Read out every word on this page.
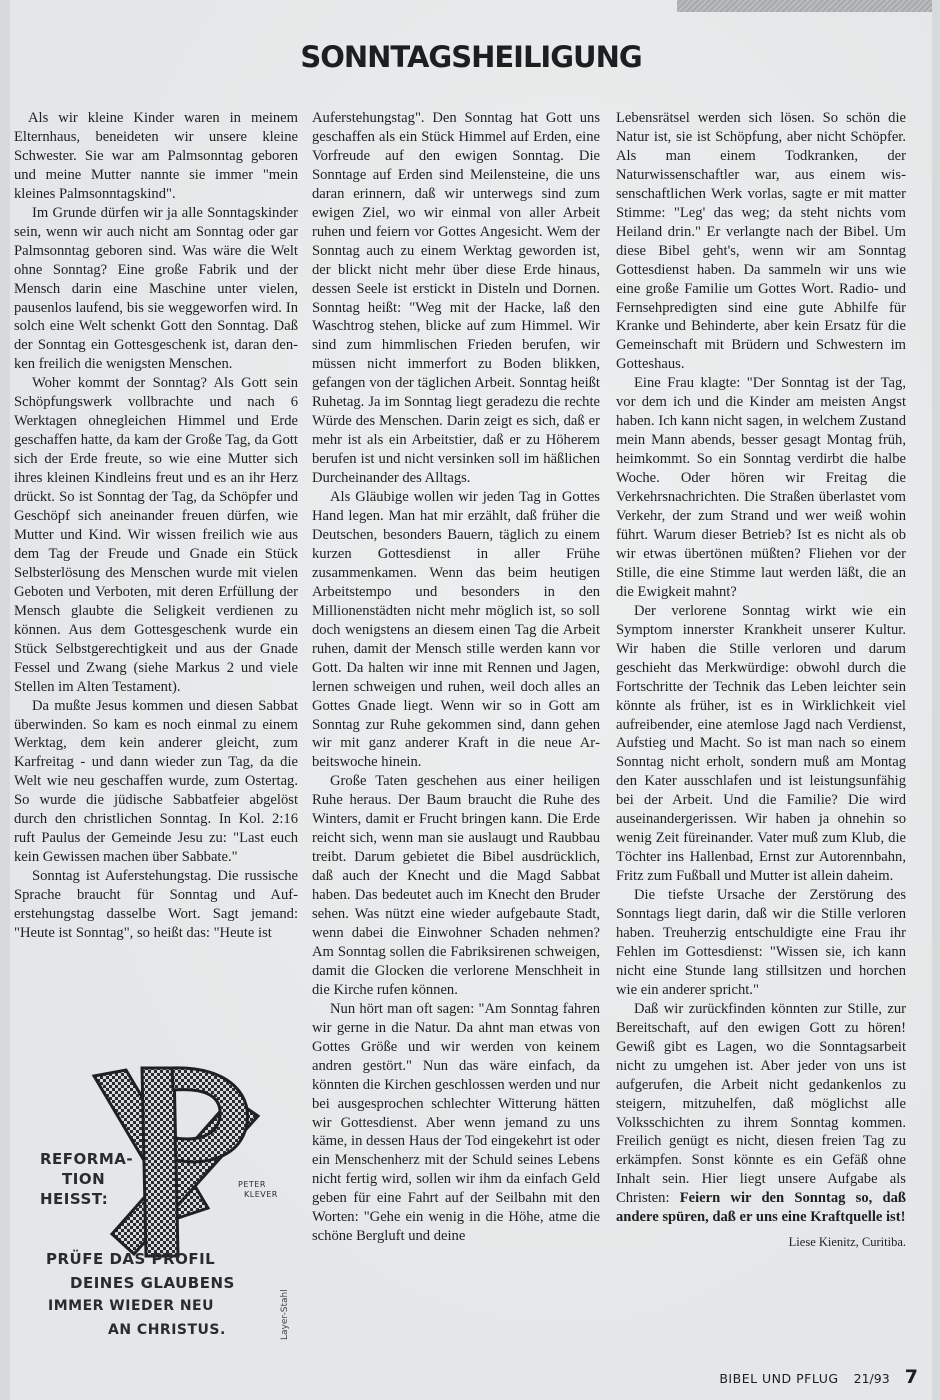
SONNTAGSHEILIGUNG

Als wir kleine Kinder waren in meinem Elternhaus, beneideten wir unsere kleine Schwester. Sie war am Palmsonntag geboren und meine Mutter nannte sie immer "mein kleines Palmsonntagskind".

Im Grunde dürfen wir ja alle Sonntagskinder sein, wenn wir auch nicht am Sonntag oder gar Palmsonntag geboren sind. Was wäre die Welt ohne Sonntag? Eine große Fabrik und der Mensch darin eine Maschine unter vielen, pausenlos laufend, bis sie weggeworfen wird. In solch eine Welt schenkt Gott den Sonntag. Daß der Sonntag ein Gottesgeschenk ist, daran denken freilich die wenigsten Menschen.

Woher kommt der Sonntag? Als Gott sein Schöpfungswerk vollbrachte und nach 6 Werktagen ohnegleichen Himmel und Erde geschaffen hatte, da kam der Große Tag, da Gott sich der Erde freute, so wie eine Mutter sich ihres kleinen Kindleins freut und es an ihr Herz drückt. So ist Sonntag der Tag, da Schöpfer und Geschöpf sich aneinander freuen dürfen, wie Mutter und Kind. Wir wissen freilich wie aus dem Tag der Freude und Gnade ein Stück Selbsterlösung des Menschen wurde mit vielen Geboten und Verboten, mit deren Erfüllung der Mensch glaubte die Seligkeit verdienen zu können. Aus dem Gottesgeschenk wurde ein Stück Selbstgerechtigkeit und aus der Gnade Fessel und Zwang (siehe Markus 2 und viele Stellen im Alten Testament).

Da mußte Jesus kommen und diesen Sabbat überwinden. So kam es noch einmal zu einem Werktag, dem kein anderer gleicht, zum Karfreitag - und dann wieder zun Tag, da die Welt wie neu geschaffen wurde, zum Ostertag. So wurde die jüdische Sabbatfeier abgelöst durch den christlichen Sonntag. In Kol. 2:16 ruft Paulus der Gemeinde Jesu zu: "Last euch kein Gewissen machen über Sabbate."

Sonntag ist Auferstehungstag. Die russische Sprache braucht für Sonntag und Auferstehungstag dasselbe Wort. Sagt jemand: "Heute ist Sonntag", so heißt das: "Heute ist

Auferstehungstag". Den Sonntag hat Gott uns geschaffen als ein Stück Himmel auf Erden, eine Vorfreude auf den ewigen Sonntag. Die Sonntage auf Erden sind Meilensteine, die uns daran erinnern, daß wir unterwegs sind zum ewigen Ziel, wo wir einmal von aller Arbeit ruhen und feiern vor Gottes Angesicht. Wem der Sonntag auch zu einem Werktag geworden ist, der blickt nicht mehr über diese Erde hinaus, dessen Seele ist erstickt in Disteln und Dornen. Sonntag heißt: "Weg mit der Hacke, laß den Waschtrog stehen, blicke auf zum Himmel. Wir sind zum himmlischen Frieden berufen, wir müssen nicht immerfort zu Boden blikken, gefangen von der täglichen Arbeit. Sonntag heißt Ruhetag. Ja im Sonntag liegt geradezu die rechte Würde des Menschen. Darin zeigt es sich, daß er mehr ist als ein Arbeitstier, daß er zu Höherem berufen ist und nicht versinken soll im häßlichen Durcheinander des Alltags.

Als Gläubige wollen wir jeden Tag in Gottes Hand legen. Man hat mir erzählt, daß früher die Deutschen, besonders Bauern, täglich zu einem kurzen Gottesdienst in aller Frühe zusammenkamen. Wenn das beim heutigen Arbeitstempo und besonders in den Millionenstädten nicht mehr möglich ist, so soll doch wenigstens an diesem einen Tag die Arbeit ruhen, damit der Mensch stille werden kann vor Gott. Da halten wir inne mit Rennen und Jagen, lernen schweigen und ruhen, weil doch alles an Gottes Gnade liegt. Wenn wir so in Gott am Sonntag zur Ruhe gekommen sind, dann gehen wir mit ganz anderer Kraft in die neue Arbeitswoche hinein.

Große Taten geschehen aus einer heiligen Ruhe heraus. Der Baum braucht die Ruhe des Winters, damit er Frucht bringen kann. Die Erde reicht sich, wenn man sie auslaugt und Raubbau treibt. Darum gebietet die Bibel ausdrücklich, daß auch der Knecht und die Magd Sabbat haben. Das bedeutet auch im Knecht den Bruder sehen. Was nützt eine wieder aufgebaute Stadt, wenn dabei die Einwohner Schaden nehmen? Am Sonntag sollen die Fabriksirenen schweigen, damit die Glocken die verlorene Menschheit in die Kirche rufen können.

Nun hört man oft sagen: "Am Sonntag fahren wir gerne in die Natur. Da ahnt man etwas von Gottes Größe und wir werden von keinem andren gestört." Nun das wäre einfach, da könnten die Kirchen geschlossen werden und nur bei ausgesprochen schlechter Witterung hätten wir Gottesdienst. Aber wenn jemand zu uns käme, in dessen Haus der Tod eingekehrt ist oder ein Menschenherz mit der Schuld seines Lebens nicht fertig wird, sollen wir ihm da einfach Geld geben für eine Fahrt auf der Seilbahn mit den Worten: "Gehe ein wenig in die Höhe, atme die schöne Bergluft und deine

Lebensrätsel werden sich lösen. So schön die Natur ist, sie ist Schöpfung, aber nicht Schöpfer. Als man einem Todkranken, der Naturwissenschaftler war, aus einem wissenschaftlichen Werk vorlas, sagte er mit matter Stimme: "Leg' das weg; da steht nichts vom Heiland drin." Er verlangte nach der Bibel. Um diese Bibel geht's, wenn wir am Sonntag Gottesdienst haben. Da sammeln wir uns wie eine große Familie um Gottes Wort. Radio- und Fernsehpredigten sind eine gute Abhilfe für Kranke und Behinderte, aber kein Ersatz für die Gemeinschaft mit Brüdern und Schwestern im Gotteshaus.

Eine Frau klagte: "Der Sonntag ist der Tag, vor dem ich und die Kinder am meisten Angst haben. Ich kann nicht sagen, in welchem Zustand mein Mann abends, besser gesagt Montag früh, heimkommt. So ein Sonntag verdirbt die halbe Woche. Oder hören wir Freitag die Verkehrsnachrichten. Die Straßen überlastet vom Verkehr, der zum Strand und wer weiß wohin führt. Warum dieser Betrieb? Ist es nicht als ob wir etwas übertönen müßten? Fliehen vor der Stille, die eine Stimme laut werden läßt, die an die Ewigkeit mahnt?

Der verlorene Sonntag wirkt wie ein Symptom innerster Krankheit unserer Kultur. Wir haben die Stille verloren und darum geschieht das Merkwürdige: obwohl durch die Fortschritte der Technik das Leben leichter sein könnte als früher, ist es in Wirklichkeit viel aufreibender, eine atemlose Jagd nach Verdienst, Aufstieg und Macht. So ist man nach so einem Sonntag nicht erholt, sondern muß am Montag den Kater ausschlafen und ist leistungsunfähig bei der Arbeit. Und die Familie? Die wird auseinandergerissen. Wir haben ja ohnehin so wenig Zeit füreinander. Vater muß zum Klub, die Töchter ins Hallenbad, Ernst zur Autorennbahn, Fritz zum Fußball und Mutter ist allein daheim.

Die tiefste Ursache der Zerstörung des Sonntags liegt darin, daß wir die Stille verloren haben. Treuherzig entschuldigte eine Frau ihr Fehlen im Gottesdienst: "Wissen sie, ich kann nicht eine Stunde lang stillsitzen und horchen wie ein anderer spricht."

Daß wir zurückfinden könnten zur Stille, zur Bereitschaft, auf den ewigen Gott zu hören! Gewiß gibt es Lagen, wo die Sonntagsarbeit nicht zu umgehen ist. Aber jeder von uns ist aufgerufen, die Arbeit nicht gedankenlos zu steigern, mitzuhelfen, daß möglichst alle Volksschichten zu ihrem Sonntag kommen. Freilich genügt es nicht, diesen freien Tag zu erkämpfen. Sonst könnte es ein Gefäß ohne Inhalt sein. Hier liegt unsere Aufgabe als Christen: Feiern wir den Sonntag so, daß andere spüren, daß er uns eine Kraftquelle ist!

Liese Kienitz, Curitiba.
REFORMA-
TION
HEISST:
PETER
KLEVER
PRÜFE DAS PROFIL
DEINES GLAUBENS
IMMER WIEDER NEU
AN CHRISTUS.	Layer-Stahl
BIBEL UND PFLUG 21/93 7
